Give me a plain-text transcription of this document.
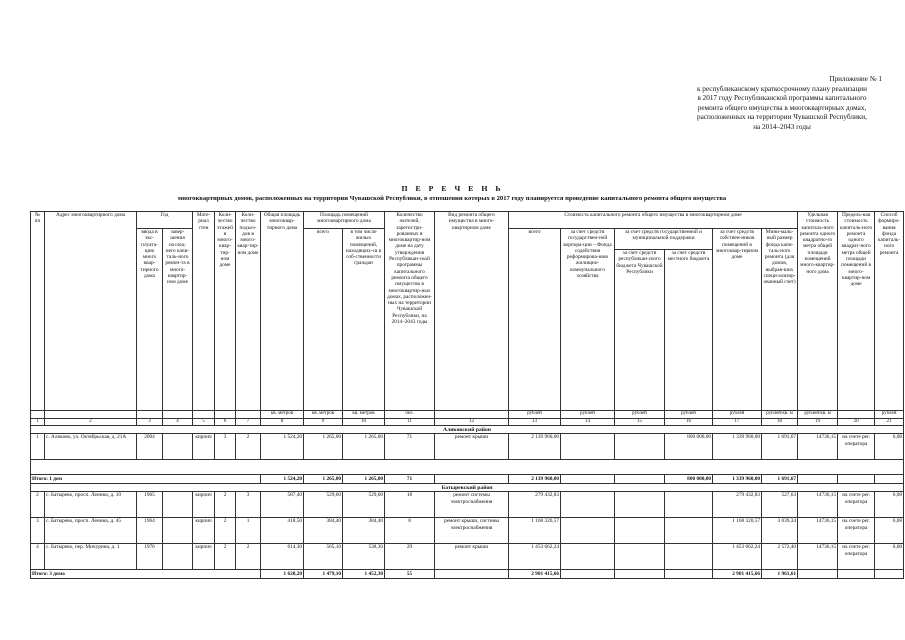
Приложение № 1
к республиканскому краткосрочному плану реализации
в 2017 году Республиканской программы капитального
ремонта общего имущества в многоквартирных домах,
расположенных на территории Чувашской Республики,
на 2014–2043 годы
П Е Р Е Ч Е Н Ь
многоквартирных домов, расположенных на территории Чувашской Республики, в отношении которых в 2017 году планируется проведение капитального ремонта общего имущества
№ пп	Адрес многоквартирного дома	Год		Мате-риал стен	Коли-чество этажей в много-квар-тир-ном доме	Коли-чество подъез-дов в много-квар-тир-ном доме	Общая площадь многоквар-тирного дома	Площадь помещений многоквартирного дома		Количество жителей, зарегистри-рованных в многоквартир-ном доме на дату утверждения Республикан-ской программы капитального ремонта общего имущества в многоквартир-ных домах, расположен-ных на территории Чувашской Республики, на 2014–2043 годы	Вид ремонта общего имущества в много-квартирном доме	Стоимость капитального ремонта общего имущества в многоквартирном доме						Удельная стоимость капиталь-ного ремонта одного квадратно-го метра общей площади помещений много-квартир-ного дома	Предель-ная стоимость капиталь-ного ремонта одного квадрат-ного метра общей площади помещений в много-квартир-ном доме	Способ формиро-вания фонда капиталь-ного ремонта
		ввода в экс-плуата-цию много квар-тирного дома	завер-шения послед-него капи-таль-ного ремон-та в много-квартир-ном доме					всего	в том числе жилых помещений, находящих-ся в соб-ственности граждан			всего	за счет средств государствен-ной корпора-ции – Фонда содействия реформирова-нию жилищно-коммунального хозяйства	за счет средств государственной и муниципальной поддержки		за счет средств собствен-ников помещений в многоквар-тирном доме	Мини-маль-ный размер фонда капи-таль-ного ремонта (для домов, выбрав-ших специ-ализир-ованный счет)			
														за счет средств республикан-ского бюджета Чувашской Республики	за счет средств местного бюджета					
							кв. метров	кв. метров	кв. метров	чел.		рублей	рублей	рублей	рублей	рублей	рублей/кв. м	рублей/кв. м		рублей
1	2	3	4	5	6	7	8	9	10	11	12	13	14	15	16	17	18	19	20	21
Аликовский район																				
1	с. Аликово, ул. Октябрьская, д. 21А	2004		кирпич	3	2	1 524,20	1 265,00	1 265,00	71	ремонт крыши	2 139 960,00			800 000,00	1 339 960,00	1 691,67	14736,15	на счете рег. оператора	6,08

Итого: 1 дом							1 524,20	1 265,00	1 265,00	71		2 139 960,00			800 000,00	1 339 960,00	1 691,67			
Батыревский район																				
2	с. Батырево, просп. Ленина, д. 10	1965		кирпич	2	3	587,40	529,60	529,60	18	ремонт системы электроснабжения	279 432,83				279 432,83	527,63	14736,15	на счете рег. оператора	6,08
3	с. Батырево, просп. Ленина, д. 45	1964		кирпич	2	1	418,50	384,40	384,40	8	ремонт крыши, системы электроснабжения	1 168 320,57				1 168 320,57	3 039,34	14736,15	на счете рег. оператора	6,08
4	с. Батырево, пер. Мичурина, д. 1	1976		кирпич	2	2	614,30	565,10	538,30	29	ремонт крыши	1 453 662,24				1 453 662,24	2 572,40	14736,15	на счете рег. оператора	6,08
Итого: 3 дома							1 620,20	1 479,10	1 452,30	55		2 901 415,66				2 901 415,66	1 961,61			
